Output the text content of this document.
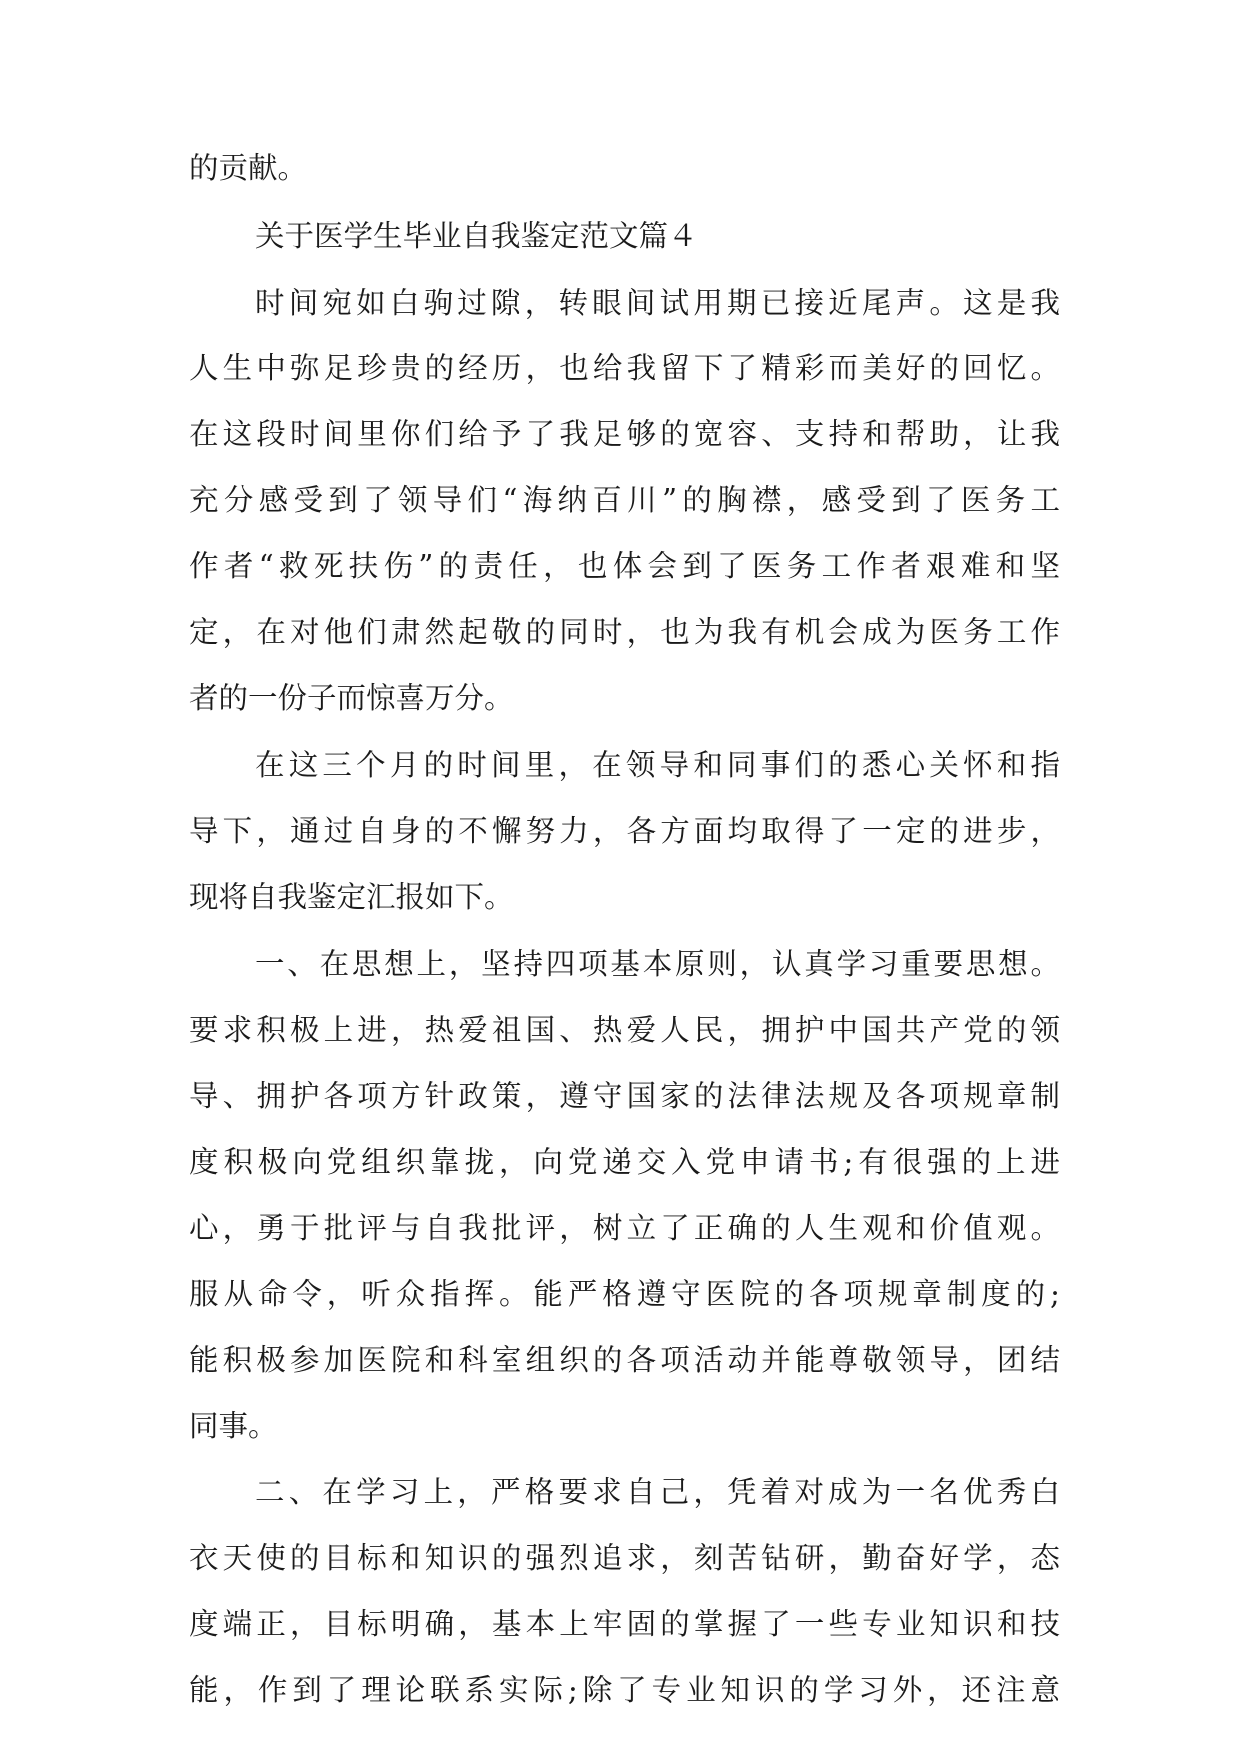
的贡献。
关于医学生毕业自我鉴定范文篇４
时间宛如白驹过隙，转眼间试用期已接近尾声。这是我
人生中弥足珍贵的经历，也给我留下了精彩而美好的回忆。
在这段时间里你们给予了我足够的宽容、支持和帮助，让我
充分感受到了领导们“海纳百川”的胸襟，感受到了医务工
作者“救死扶伤”的责任，也体会到了医务工作者艰难和坚
定，在对他们肃然起敬的同时，也为我有机会成为医务工作
者的一份子而惊喜万分。
在这三个月的时间里，在领导和同事们的悉心关怀和指
导下，通过自身的不懈努力，各方面均取得了一定的进步，
现将自我鉴定汇报如下。
一、在思想上，坚持四项基本原则，认真学习重要思想。
要求积极上进，热爱祖国、热爱人民，拥护中国共产党的领
导、拥护各项方针政策，遵守国家的法律法规及各项规章制
度积极向党组织靠拢，向党递交入党申请书;有很强的上进
心，勇于批评与自我批评，树立了正确的人生观和价值观。
服从命令，听众指挥。能严格遵守医院的各项规章制度的;
能积极参加医院和科室组织的各项活动并能尊敬领导，团结
同事。
二、在学习上，严格要求自己，凭着对成为一名优秀白
衣天使的目标和知识的强烈追求，刻苦钻研，勤奋好学，态
度端正，目标明确，基本上牢固的掌握了一些专业知识和技
能，作到了理论联系实际;除了专业知识的学习外，还注意
